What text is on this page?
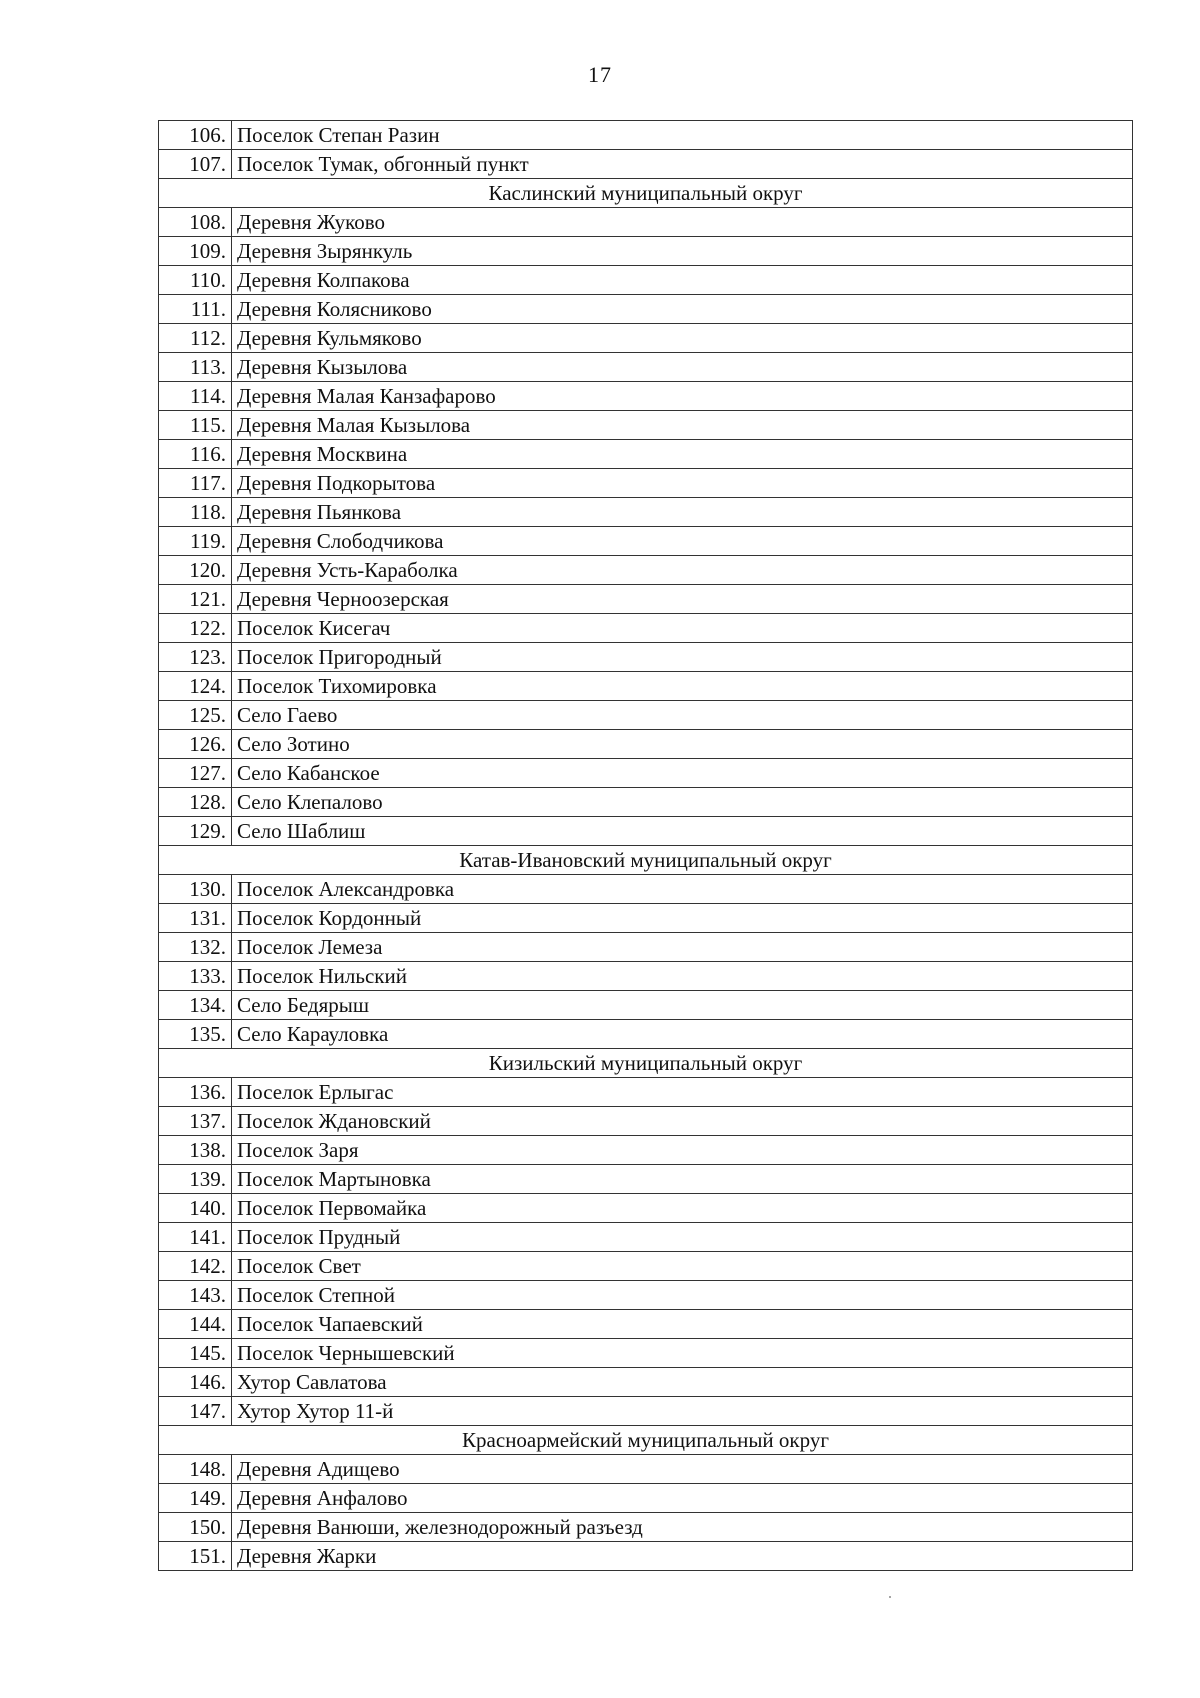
17
106.	Поселок Степан Разин
107.	Поселок Тумак, обгонный пункт
Каслинский муниципальный округ	
108.	Деревня Жуково
109.	Деревня Зырянкуль
110.	Деревня Колпакова
111.	Деревня Колясниково
112.	Деревня Кульмяково
113.	Деревня Кызылова
114.	Деревня Малая Канзафарово
115.	Деревня Малая Кызылова
116.	Деревня Москвина
117.	Деревня Подкорытова
118.	Деревня Пьянкова
119.	Деревня Слободчикова
120.	Деревня Усть-Караболка
121.	Деревня Черноозерская
122.	Поселок Кисегач
123.	Поселок Пригородный
124.	Поселок Тихомировка
125.	Село Гаево
126.	Село Зотино
127.	Село Кабанское
128.	Село Клепалово
129.	Село Шаблиш
Катав-Ивановский муниципальный округ	
130.	Поселок Александровка
131.	Поселок Кордонный
132.	Поселок Лемеза
133.	Поселок Нильский
134.	Село Бедярыш
135.	Село Карауловка
Кизильский муниципальный округ	
136.	Поселок Ерлыгас
137.	Поселок Ждановский
138.	Поселок Заря
139.	Поселок Мартыновка
140.	Поселок Первомайка
141.	Поселок Прудный
142.	Поселок Свет
143.	Поселок Степной
144.	Поселок Чапаевский
145.	Поселок Чернышевский
146.	Хутор Савлатова
147.	Хутор Хутор 11-й
Красноармейский муниципальный округ	
148.	Деревня Адищево
149.	Деревня Анфалово
150.	Деревня Ванюши, железнодорожный разъезд
151.	Деревня Жарки
